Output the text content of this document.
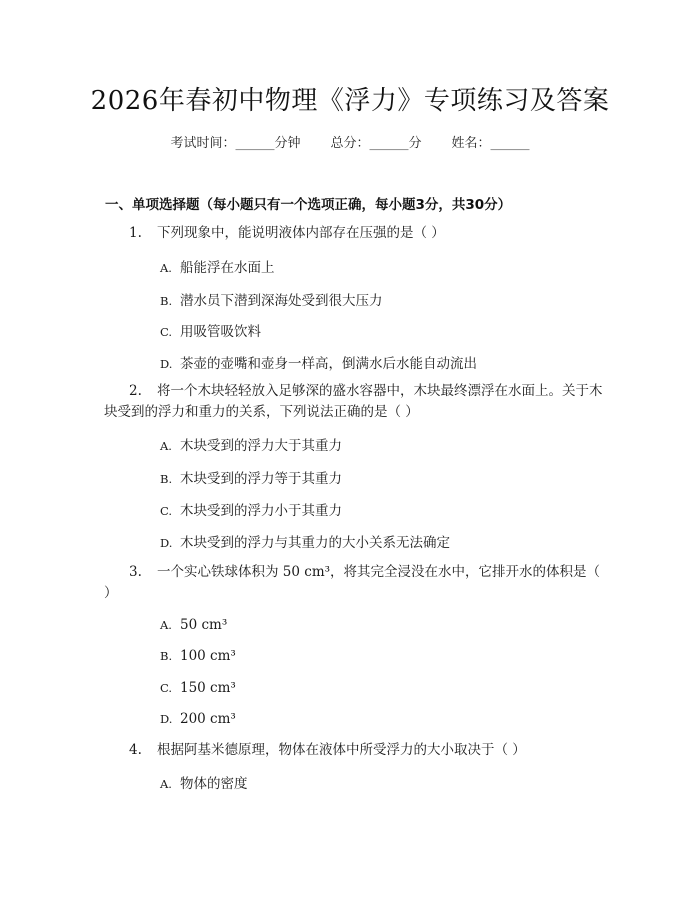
2026年春初中物理《浮力》专项练习及答案
考试时间：______分钟 总分：______分 姓名：______
一、单项选择题（每小题只有一个选项正确，每小题3分，共30分）
1. 下列现象中，能说明液体内部存在压强的是（ ）
A. 船能浮在水面上
B. 潜水员下潜到深海处受到很大压力
C. 用吸管吸饮料
D. 茶壶的壶嘴和壶身一样高，倒满水后水能自动流出
2. 将一个木块轻轻放入足够深的盛水容器中，木块最终漂浮在水面上。关于木块受到的浮力和重力的关系，下列说法正确的是（ ）
A. 木块受到的浮力大于其重力
B. 木块受到的浮力等于其重力
C. 木块受到的浮力小于其重力
D. 木块受到的浮力与其重力的大小关系无法确定
3. 一个实心铁球体积为 50 cm³，将其完全浸没在水中，它排开水的体积是（ ）
A. 50 cm³
B. 100 cm³
C. 150 cm³
D. 200 cm³
4. 根据阿基米德原理，物体在液体中所受浮力的大小取决于（ ）
A. 物体的密度
